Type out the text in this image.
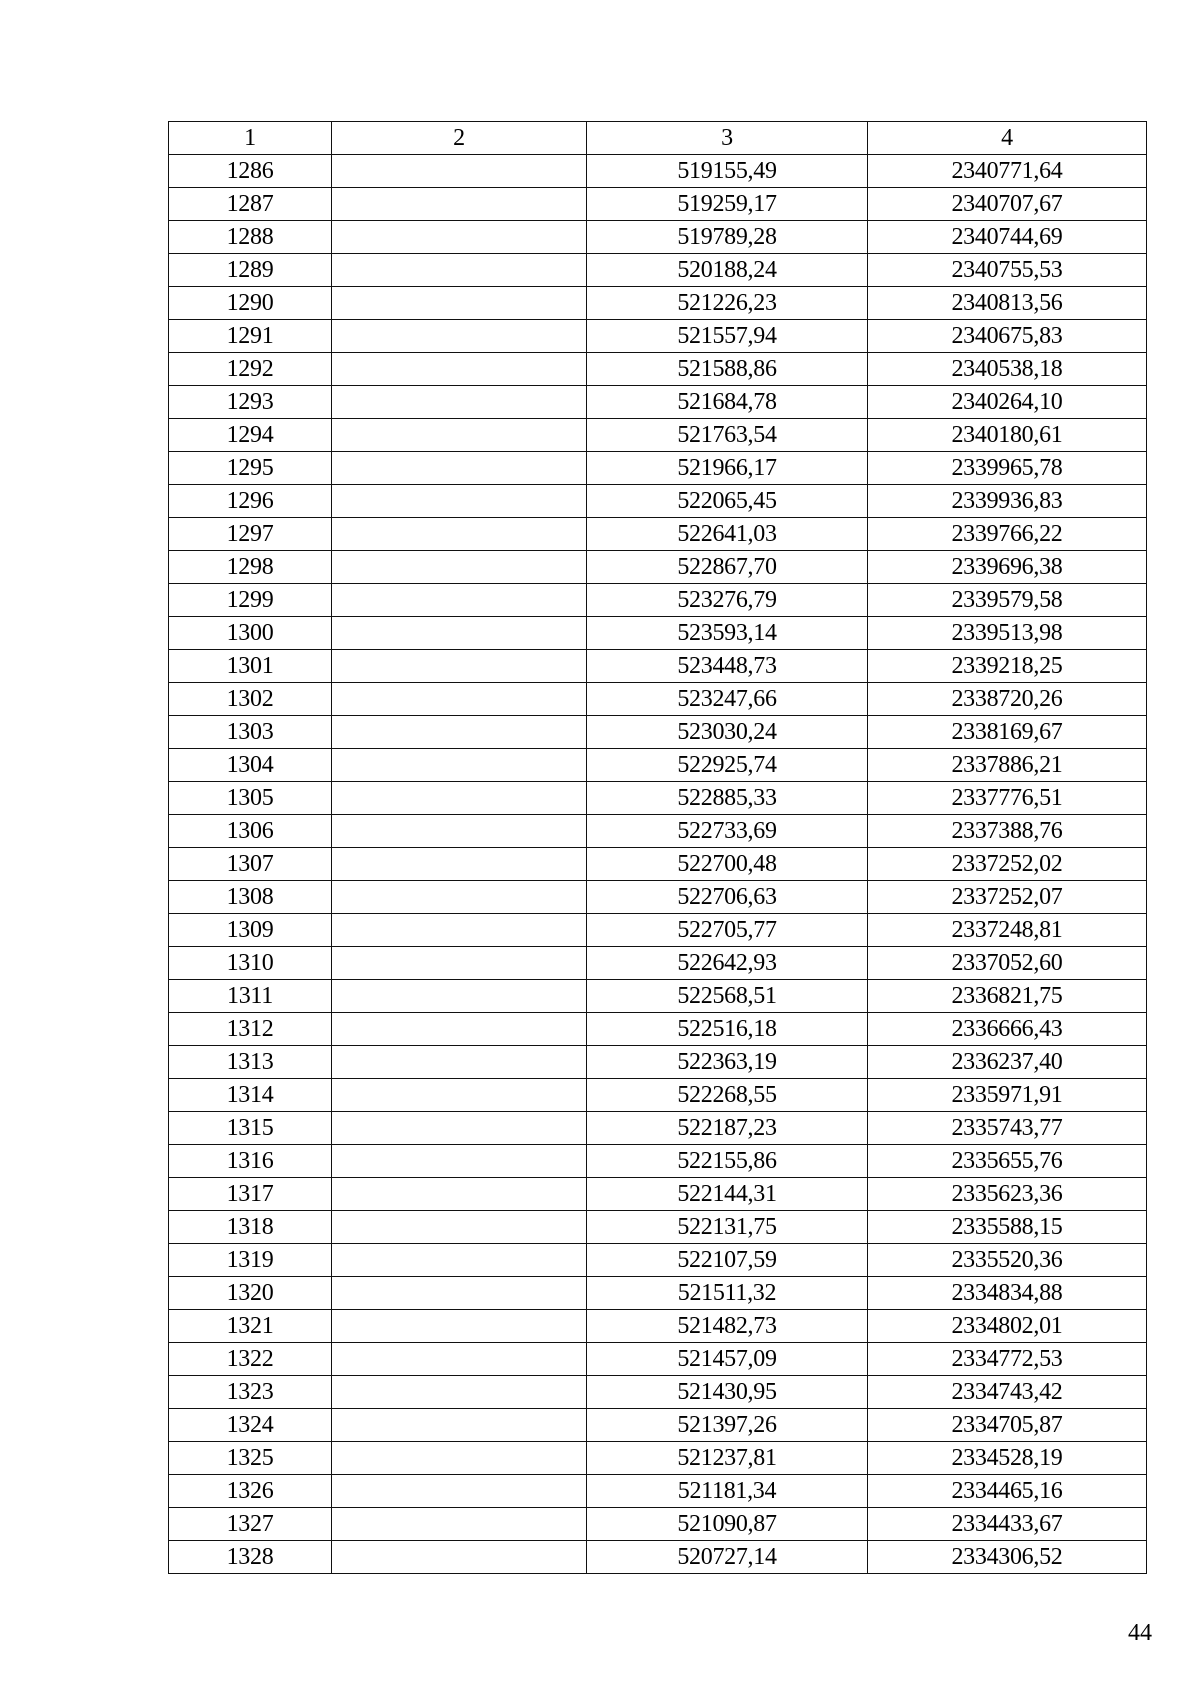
1	2	3	4
1286		519155,49	2340771,64
1287		519259,17	2340707,67
1288		519789,28	2340744,69
1289		520188,24	2340755,53
1290		521226,23	2340813,56
1291		521557,94	2340675,83
1292		521588,86	2340538,18
1293		521684,78	2340264,10
1294		521763,54	2340180,61
1295		521966,17	2339965,78
1296		522065,45	2339936,83
1297		522641,03	2339766,22
1298		522867,70	2339696,38
1299		523276,79	2339579,58
1300		523593,14	2339513,98
1301		523448,73	2339218,25
1302		523247,66	2338720,26
1303		523030,24	2338169,67
1304		522925,74	2337886,21
1305		522885,33	2337776,51
1306		522733,69	2337388,76
1307		522700,48	2337252,02
1308		522706,63	2337252,07
1309		522705,77	2337248,81
1310		522642,93	2337052,60
1311		522568,51	2336821,75
1312		522516,18	2336666,43
1313		522363,19	2336237,40
1314		522268,55	2335971,91
1315		522187,23	2335743,77
1316		522155,86	2335655,76
1317		522144,31	2335623,36
1318		522131,75	2335588,15
1319		522107,59	2335520,36
1320		521511,32	2334834,88
1321		521482,73	2334802,01
1322		521457,09	2334772,53
1323		521430,95	2334743,42
1324		521397,26	2334705,87
1325		521237,81	2334528,19
1326		521181,34	2334465,16
1327		521090,87	2334433,67
1328		520727,14	2334306,52
44
